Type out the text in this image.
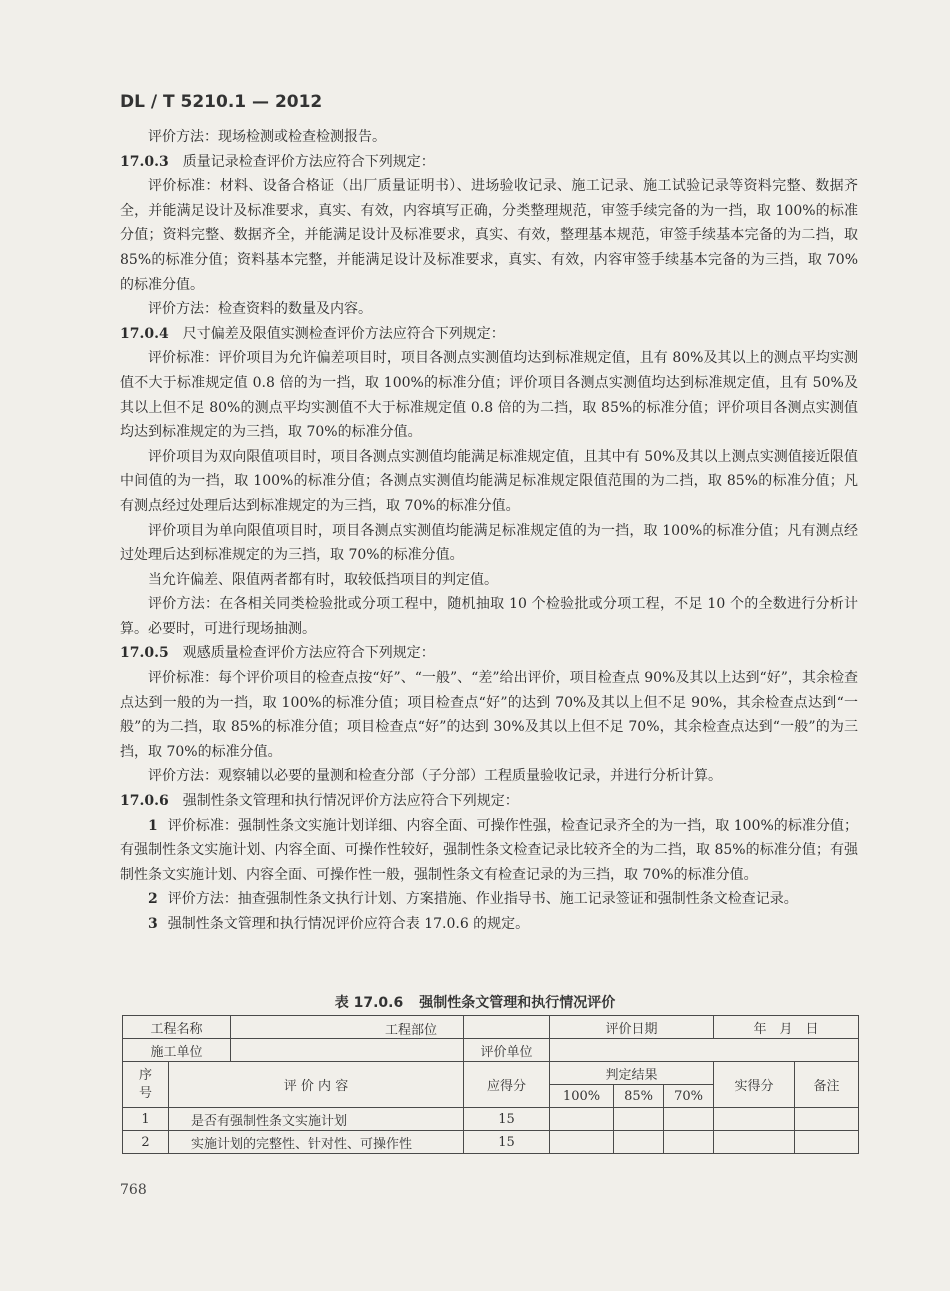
DL / T 5210.1 — 2012

评价方法：现场检测或检查检测报告。

17.0.3 质量记录检查评价方法应符合下列规定：

评价标准：材料、设备合格证（出厂质量证明书）、进场验收记录、施工记录、施工试验记录等资料完整、数据齐全，并能满足设计及标准要求，真实、有效，内容填写正确，分类整理规范，审签手续完备的为一挡，取 100%的标准分值；资料完整、数据齐全，并能满足设计及标准要求，真实、有效，整理基本规范，审签手续基本完备的为二挡，取 85%的标准分值；资料基本完整，并能满足设计及标准要求，真实、有效，内容审签手续基本完备的为三挡，取 70%的标准分值。

评价方法：检查资料的数量及内容。

17.0.4 尺寸偏差及限值实测检查评价方法应符合下列规定：

评价标准：评价项目为允许偏差项目时，项目各测点实测值均达到标准规定值，且有 80%及其以上的测点平均实测值不大于标准规定值 0.8 倍的为一挡，取 100%的标准分值；评价项目各测点实测值均达到标准规定值，且有 50%及其以上但不足 80%的测点平均实测值不大于标准规定值 0.8 倍的为二挡，取 85%的标准分值；评价项目各测点实测值均达到标准规定的为三挡，取 70%的标准分值。

评价项目为双向限值项目时，项目各测点实测值均能满足标准规定值，且其中有 50%及其以上测点实测值接近限值中间值的为一挡，取 100%的标准分值；各测点实测值均能满足标准规定限值范围的为二挡，取 85%的标准分值；凡有测点经过处理后达到标准规定的为三挡，取 70%的标准分值。

评价项目为单向限值项目时，项目各测点实测值均能满足标准规定值的为一挡，取 100%的标准分值；凡有测点经过处理后达到标准规定的为三挡，取 70%的标准分值。

当允许偏差、限值两者都有时，取较低挡项目的判定值。

评价方法：在各相关同类检验批或分项工程中，随机抽取 10 个检验批或分项工程，不足 10 个的全数进行分析计算。必要时，可进行现场抽测。

17.0.5 观感质量检查评价方法应符合下列规定：

评价标准：每个评价项目的检查点按“好”、“一般”、“差”给出评价，项目检查点 90%及其以上达到“好”，其余检查点达到一般的为一挡，取 100%的标准分值；项目检查点“好”的达到 70%及其以上但不足 90%，其余检查点达到“一般”的为二挡，取 85%的标准分值；项目检查点“好”的达到 30%及其以上但不足 70%，其余检查点达到“一般”的为三挡，取 70%的标准分值。

评价方法：观察辅以必要的量测和检查分部（子分部）工程质量验收记录，并进行分析计算。

17.0.6 强制性条文管理和执行情况评价方法应符合下列规定：

1 评价标准：强制性条文实施计划详细、内容全面、可操作性强，检查记录齐全的为一挡，取 100%的标准分值；有强制性条文实施计划、内容全面、可操作性较好，强制性条文检查记录比较齐全的为二挡，取 85%的标准分值；有强制性条文实施计划、内容全面、可操作性一般，强制性条文有检查记录的为三挡，取 70%的标准分值。

2 评价方法：抽查强制性条文执行计划、方案措施、作业指导书、施工记录签证和强制性条文检查记录。

3 强制性条文管理和执行情况评价应符合表 17.0.6 的规定。

表 17.0.6 强制性条文管理和执行情况评价
工程名称		工程部位		评价日期			年　月　日	
施工单位			评价单位					
序号	评 价 内 容		应得分	判定结果			实得分	备注
				100%	85%	70%		
1	是否有强制性条文实施计划		15					
2	实施计划的完整性、针对性、可操作性		15					
768
